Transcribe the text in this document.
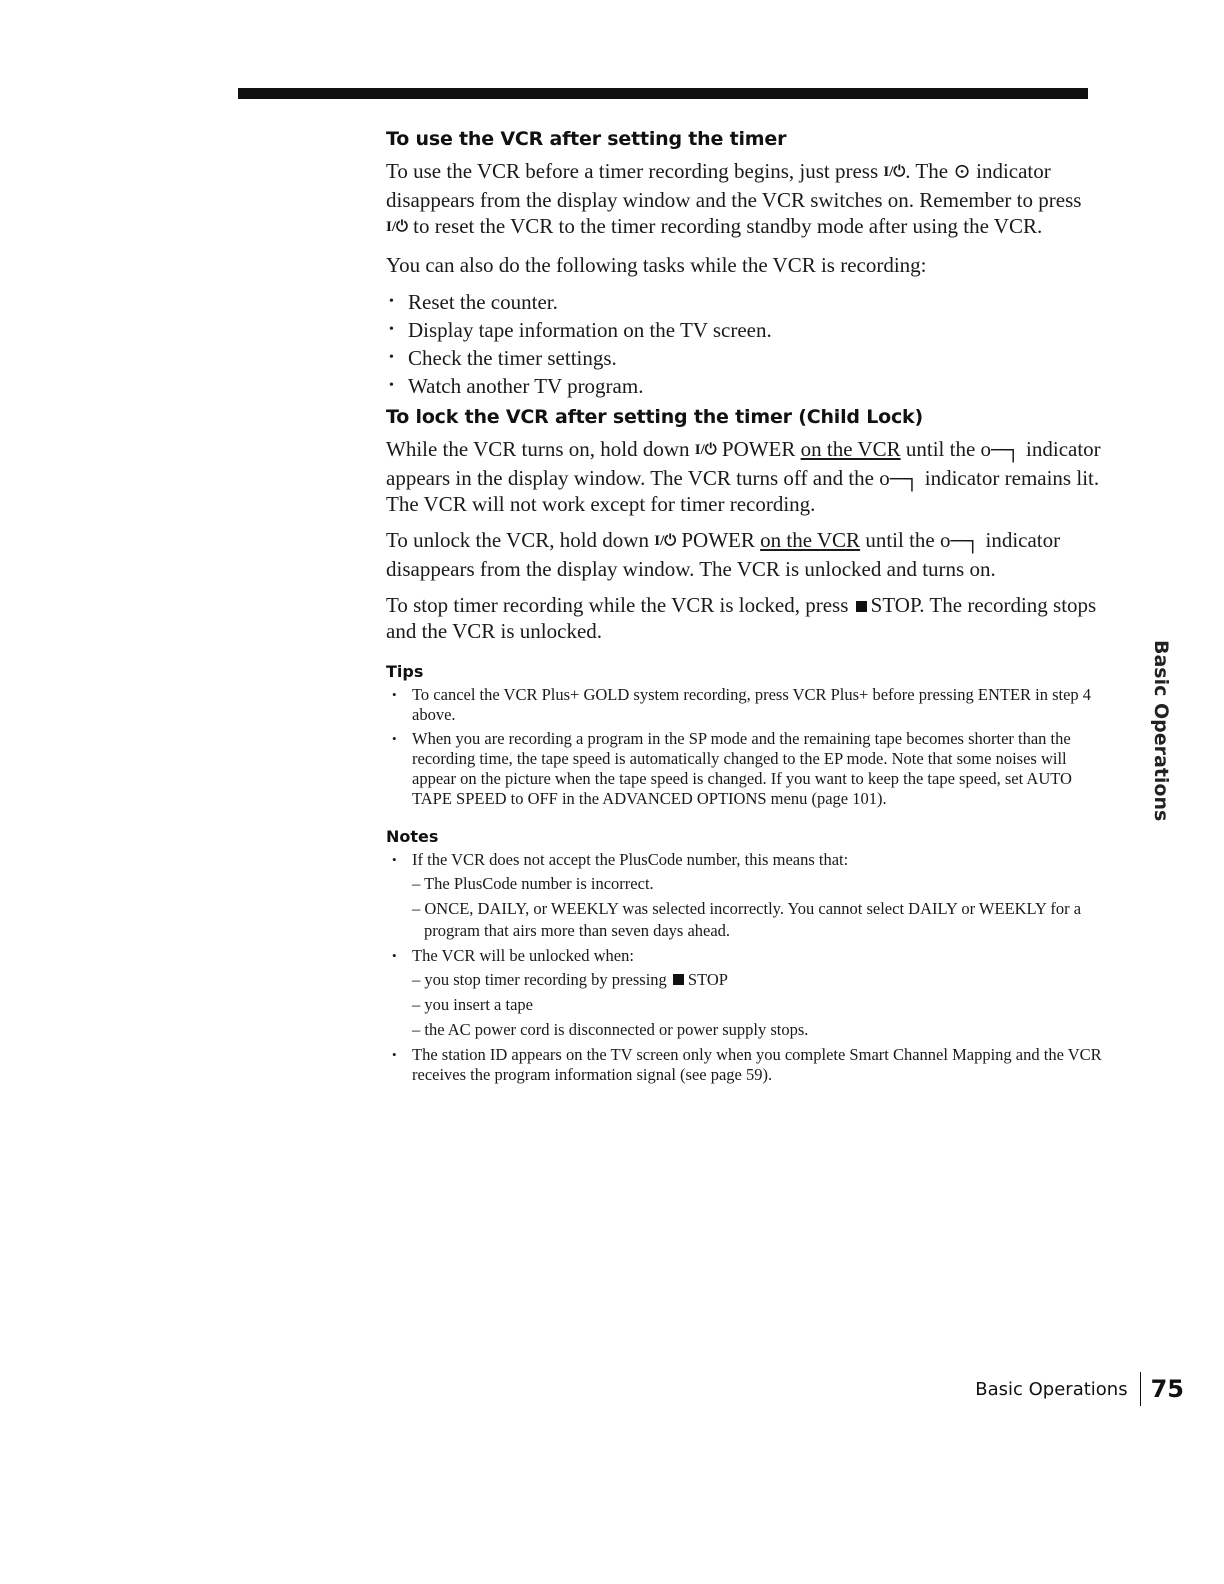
To use the VCR after setting the timer

To use the VCR before a timer recording begins, just press I/⏻. The ⊙ indicator disappears from the display window and the VCR switches on. Remember to press I/⏻ to reset the VCR to the timer recording standby mode after using the VCR.

You can also do the following tasks while the VCR is recording:

• Reset the counter.
• Display tape information on the TV screen.
• Check the timer settings.
• Watch another TV program.
To lock the VCR after setting the timer (Child Lock)

While the VCR turns on, hold down I/⏻ POWER on the VCR until the o─┐ indicator appears in the display window. The VCR turns off and the o─┐ indicator remains lit. The VCR will not work except for timer recording.

To unlock the VCR, hold down I/⏻ POWER on the VCR until the o─┐ indicator disappears from the display window. The VCR is unlocked and turns on.

To stop timer recording while the VCR is locked, press STOP. The recording stops and the VCR is unlocked.

Tips
• To cancel the VCR Plus+ GOLD system recording, press VCR Plus+ before pressing ENTER in step 4 above.
• When you are recording a program in the SP mode and the remaining tape becomes shorter than the recording time, the tape speed is automatically changed to the EP mode. Note that some noises will appear on the picture when the tape speed is changed. If you want to keep the tape speed, set AUTO TAPE SPEED to OFF in the ADVANCED OPTIONS menu (page 101).
Notes
• If the VCR does not accept the PlusCode number, this means that:
– The PlusCode number is incorrect.
– ONCE, DAILY, or WEEKLY was selected incorrectly. You cannot select DAILY or WEEKLY for a program that airs more than seven days ahead.
• The VCR will be unlocked when:
– you stop timer recording by pressing STOP
– you insert a tape
– the AC power cord is disconnected or power supply stops.
• The station ID appears on the TV screen only when you complete Smart Channel Mapping and the VCR receives the program information signal (see page 59).
Basic Operations
Basic Operations 75
